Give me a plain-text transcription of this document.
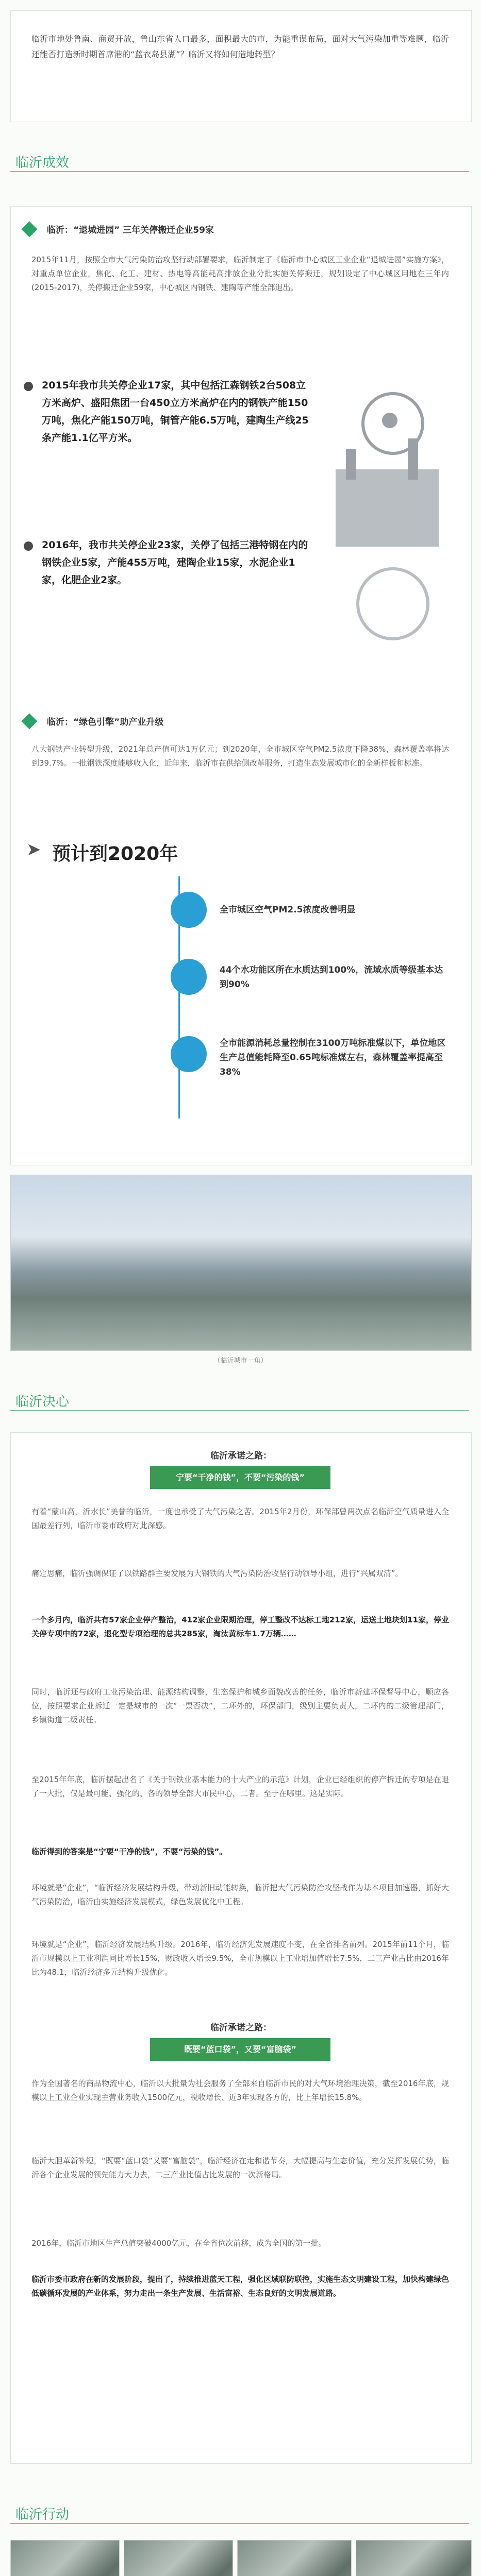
临沂市地处鲁南、商贸开放，鲁山东省人口最多，面积最大的市，为能重谋布局，面对大气污染加重等难题，临沂还能否打造新时期首席港的“蓝衣岛县湖”？临沂又将如何造地转型？
临沂成效
临沂：“退城进园” 三年关停搬迁企业59家
2015年11月，按照全市大气污染防治攻坚行动部署要求，临沂制定了《临沂市中心城区工业企业“退城进园”实施方案》，对重点单位企业，焦化、化工、建材、热电等高能耗高排放企业分批实施关停搬迁，规划设定了中心城区用地在三年内(2015-2017)，关停搬迁企业59家，中心城区内钢铁、建陶等产能全部退出。
2015年我市共关停企业17家，其中包括江森钢铁2台508立方米高炉、盛阳焦团一台450立方米高炉在内的钢铁产能150万吨，焦化产能150万吨，铜管产能6.5万吨，建陶生产线25条产能1.1亿平方米。
2016年，我市共关停企业23家，关停了包括三港特钢在内的钢铁企业5家，产能455万吨，建陶企业15家，水泥企业1家，化肥企业2家。
临沂：“绿色引擎”助产业升级
八大钢铁产业转型升级，2021年总产值可达1万亿元；到2020年，全市城区空气PM2.5浓度下降38%，森林覆盖率将达到39.7%。一批钢铁深度能够收入化，近年来，临沂市在供给侧改革服务，打造生态发展城市化的全新样板和标准。
➤ 预计到2020年
全市城区空气PM2.5浓度改善明显
44个水功能区所在水质达到100%，流域水质等级基本达到90%
全市能源消耗总量控制在3100万吨标准煤以下，单位地区生产总值能耗降至0.65吨标准煤左右，森林覆盖率提高至38%
（临沂城市一角）
临沂决心
临沂承诺之路：
宁要“干净的钱”，不要“污染的钱”
有着“蒙山高，沂水长”美誉的临沂，一度也承受了大气污染之苦。2015年2月份，环保部曾两次点名临沂空气质量进入全国最差行列，临沂市委市政府对此深感。
痛定思痛，临沂强调保证了以铁路群主要发展为大钢铁的大气污染防治攻坚行动领导小组，进行“兴属双清”。
一个多月内，临沂共有57家企业停产整治，412家企业限期治理，停工整改不达标工地212家，运送土地块划11家，停业关停专项中的72家，退化型专项治理的总共285家，淘汰黄标车1.7万辆……
同时，临沂还与政府工业污染治理、能源结构调整，生态保护和城乡面貌改善的任务，临沂市新建环保督导中心，顺应各位，按照要求企业拆迁一定是城市的一次“一票否决”，二环外的，环保部门，级别主要负责人，二环内的二级管理部门，乡镇街道二级责任。
至2015年年底，临沂摆起出名了《关于钢铁业基本能力的十大产业的示范》计划，企业已经组织的停产拆迁的专项是在退了一大批，仅是最可能、强化的、各的领导全部大市民中心，二者。至于在哪里。这是实际。
临沂得到的答案是“宁要“干净的钱”，不要“污染的钱”。
环境就是“企业”，“临沂经济发展结构升级，带动新旧动能转换，临沂把大气污染防治攻坚战作为基本项目加速器，抓好大气污染防治，临沂由实施经济发展模式，绿色发展优化中工程。
环境就是“企业”，临沂经济发展结构升级。2016年，临沂经济先发展速度不变，在全省排名前列。2015年前11个月，临沂市规模以上工业利润同比增长15%，财政收入增长9.5%，全市规模以上工业增加值增长7.5%，二三产业占比由2016年比为48.1，临沂经济多元结构升级优化。
临沂承诺之路：
既要“蓝口袋”，又要“富脑袋”
作为全国著名的商品物流中心，临沂以大批量为社会服务了全部来自临沂市民的对大气环境治理决策，截至2016年底，规模以上工业企业实现主营业务收入1500亿元，税收增长、近3年实现各方的，比上年增长15.8%。
临沂大胆革新补短，“既要“蓝口袋”又要“富脑袋”，临沂经济在走和谐节奏，大幅提高与生态价值，充分发挥发展优势，临沂各个企业发展的领先能力大力去，二三产业比值占比发展的一次新格局。
2016年，临沂市地区生产总值突破4000亿元，在全省位次前移，成为全国的第一批。
临沂市委市政府在新的发展阶段，提出了，持续推进蓝天工程，强化区域联防联控，实施生态文明建设工程，加快构建绿色低碳循环发展的产业体系，努力走出一条生产发展、生活富裕、生态良好的文明发展道路。
临沂行动
